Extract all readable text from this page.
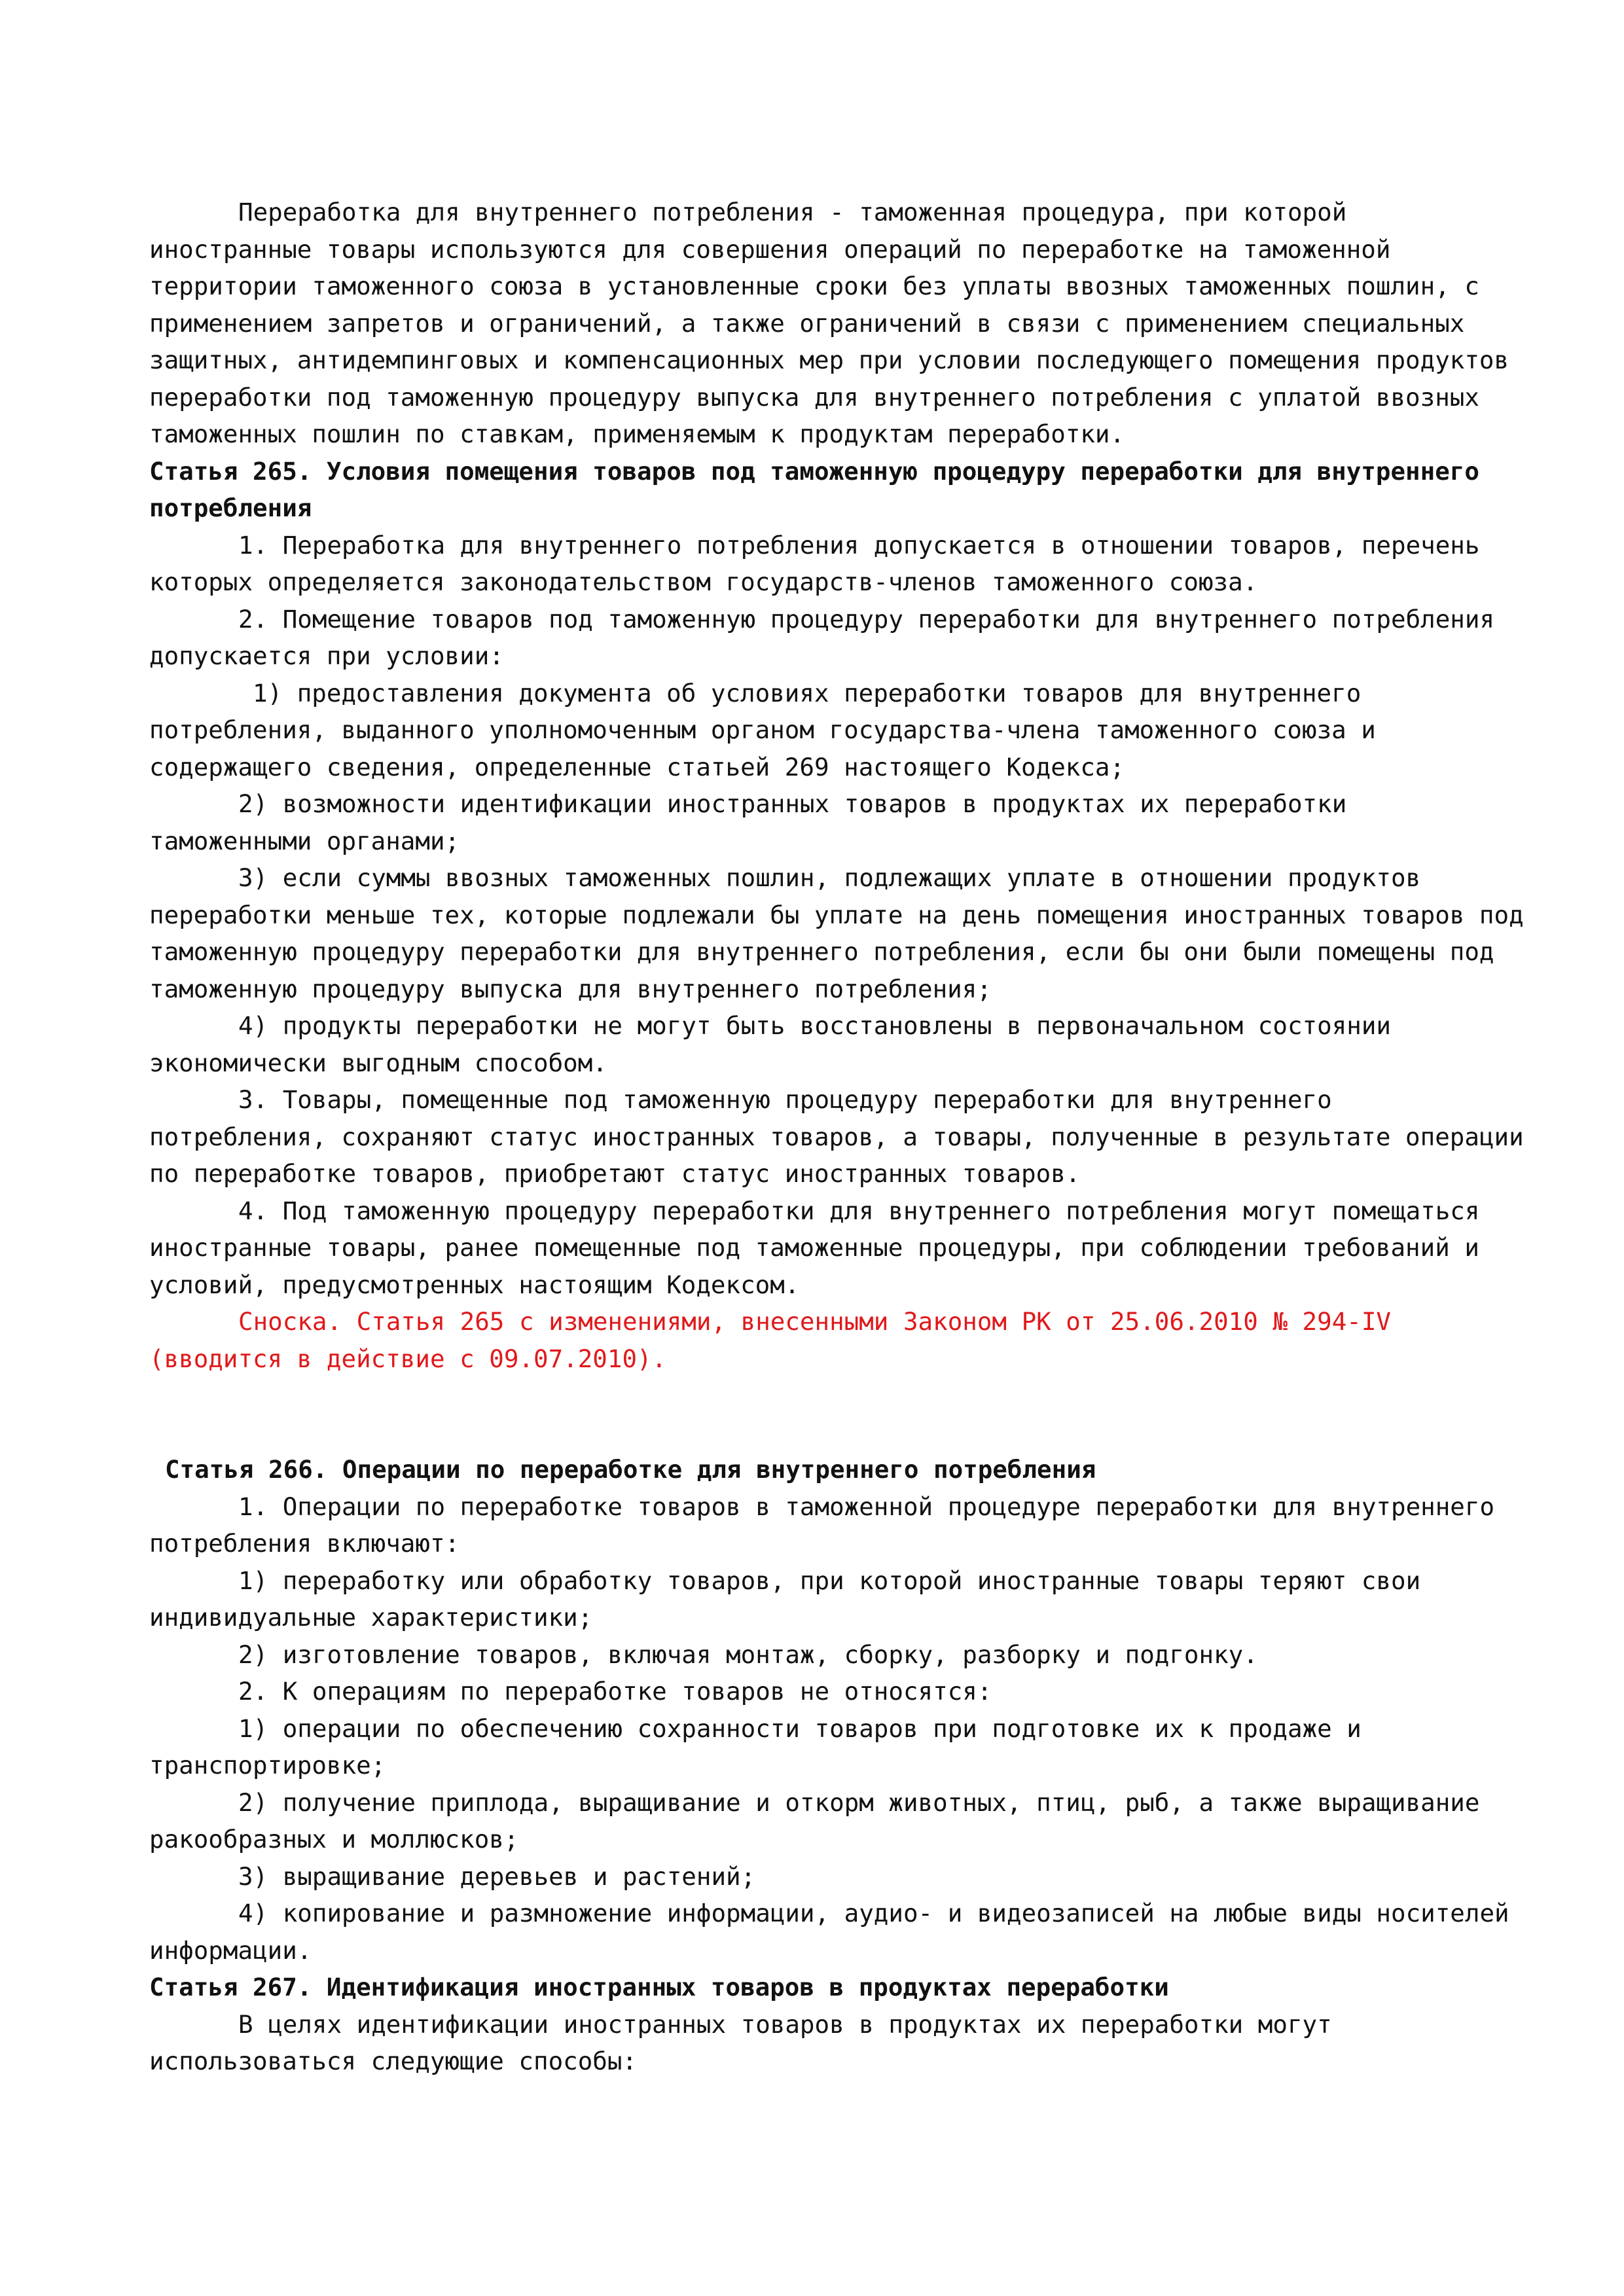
Переработка для внутреннего потребления - таможенная процедура, при которой иностранные товары используются для совершения операций по переработке на таможенной территории таможенного союза в установленные сроки без уплаты ввозных таможенных пошлин, с применением запретов и ограничений, а также ограничений в связи с применением специальных защитных, антидемпинговых и компенсационных мер при условии последующего помещения продуктов переработки под таможенную процедуру выпуска для внутреннего потребления с уплатой ввозных таможенных пошлин по ставкам, применяемым к продуктам переработки.

Статья 265. Условия помещения товаров под таможенную процедуру переработки для внутреннего потребления

1. Переработка для внутреннего потребления допускается в отношении товаров, перечень которых определяется законодательством государств-членов таможенного союза.

2. Помещение товаров под таможенную процедуру переработки для внутреннего потребления допускается при условии:

1) предоставления документа об условиях переработки товаров для внутреннего потребления, выданного уполномоченным органом государства-члена таможенного союза и содержащего сведения, определенные статьей 269 настоящего Кодекса;

2) возможности идентификации иностранных товаров в продуктах их переработки таможенными органами;

3) если суммы ввозных таможенных пошлин, подлежащих уплате в отношении продуктов переработки меньше тех, которые подлежали бы уплате на день помещения иностранных товаров под таможенную процедуру переработки для внутреннего потребления, если бы они были помещены под таможенную процедуру выпуска для внутреннего потребления;

4) продукты переработки не могут быть восстановлены в первоначальном состоянии экономически выгодным способом.

3. Товары, помещенные под таможенную процедуру переработки для внутреннего потребления, сохраняют статус иностранных товаров, а товары, полученные в результате операции по переработке товаров, приобретают статус иностранных товаров.

4. Под таможенную процедуру переработки для внутреннего потребления могут помещаться иностранные товары, ранее помещенные под таможенные процедуры, при соблюдении требований и условий, предусмотренных настоящим Кодексом.

Сноска. Статья 265 с изменениями, внесенными Законом РК от 25.06.2010 № 294-IV (вводится в действие с 09.07.2010).

Статья 266. Операции по переработке для внутреннего потребления

1. Операции по переработке товаров в таможенной процедуре переработки для внутреннего потребления включают:

1) переработку или обработку товаров, при которой иностранные товары теряют свои индивидуальные характеристики;

2) изготовление товаров, включая монтаж, сборку, разборку и подгонку.

2. К операциям по переработке товаров не относятся:

1) операции по обеспечению сохранности товаров при подготовке их к продаже и транспортировке;

2) получение приплода, выращивание и откорм животных, птиц, рыб, а также выращивание ракообразных и моллюсков;

3) выращивание деревьев и растений;

4) копирование и размножение информации, аудио- и видеозаписей на любые виды носителей информации.

Статья 267. Идентификация иностранных товаров в продуктах переработки

В целях идентификации иностранных товаров в продуктах их переработки могут использоваться следующие способы:
